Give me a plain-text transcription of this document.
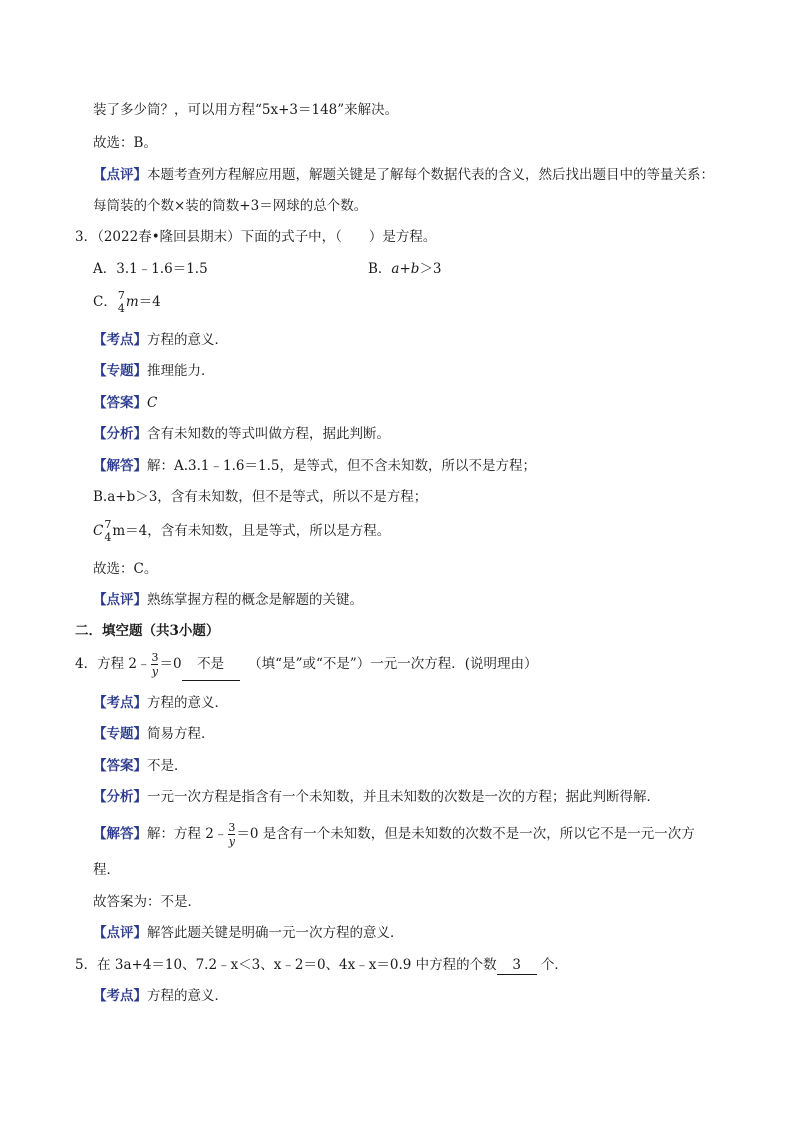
装了多少筒？，可以用方程“5x+3＝148”来解决。
故选：B。
【点评】本题考查列方程解应用题，解题关键是了解每个数据代表的含义，然后找出题目中的等量关系：
每筒装的个数×装的筒数+3＝网球的总个数。
3．（2022春•隆回县期末）下面的式子中，（　　）是方程。
A．3.1﹣1.6＝1.5	B．a+b＞3
C． 7
4 m＝4
【考点】方程的意义．
【专题】推理能力．
【答案】C
【分析】含有未知数的等式叫做方程，据此判断。
【解答】解：A.3.1﹣1.6＝1.5，是等式，但不含未知数，所以不是方程；
B.a+b＞3，含有未知数，但不是等式，所以不是方程；
C 7
4 m＝4，含有未知数，且是等式，所以是方程。
故选：C。
【点评】熟练掌握方程的概念是解题的关键。
二．填空题（共3小题）
4．方程 2﹣ $\frac{3}{y} =0$ 不是 （填“是”或“不是”）一元一次方程．(说明理由）
【考点】方程的意义．
【专题】简易方程．
【答案】不是．
【分析】一元一次方程是指含有一个未知数，并且未知数的次数是一次的方程；据此判断得解．
【解答】解：方程 2﹣ $\frac{3}{y} =0$ 是含有一个未知数，但是未知数的次数不是一次，所以它不是一元一次方
程．
故答案为：不是．
【点评】解答此题关键是明确一元一次方程的意义．
5．在 3a+4＝10、7.2﹣x＜3、x﹣2＝0、4x﹣x＝0.9 中方程的个数 3 个．
【考点】方程的意义．
